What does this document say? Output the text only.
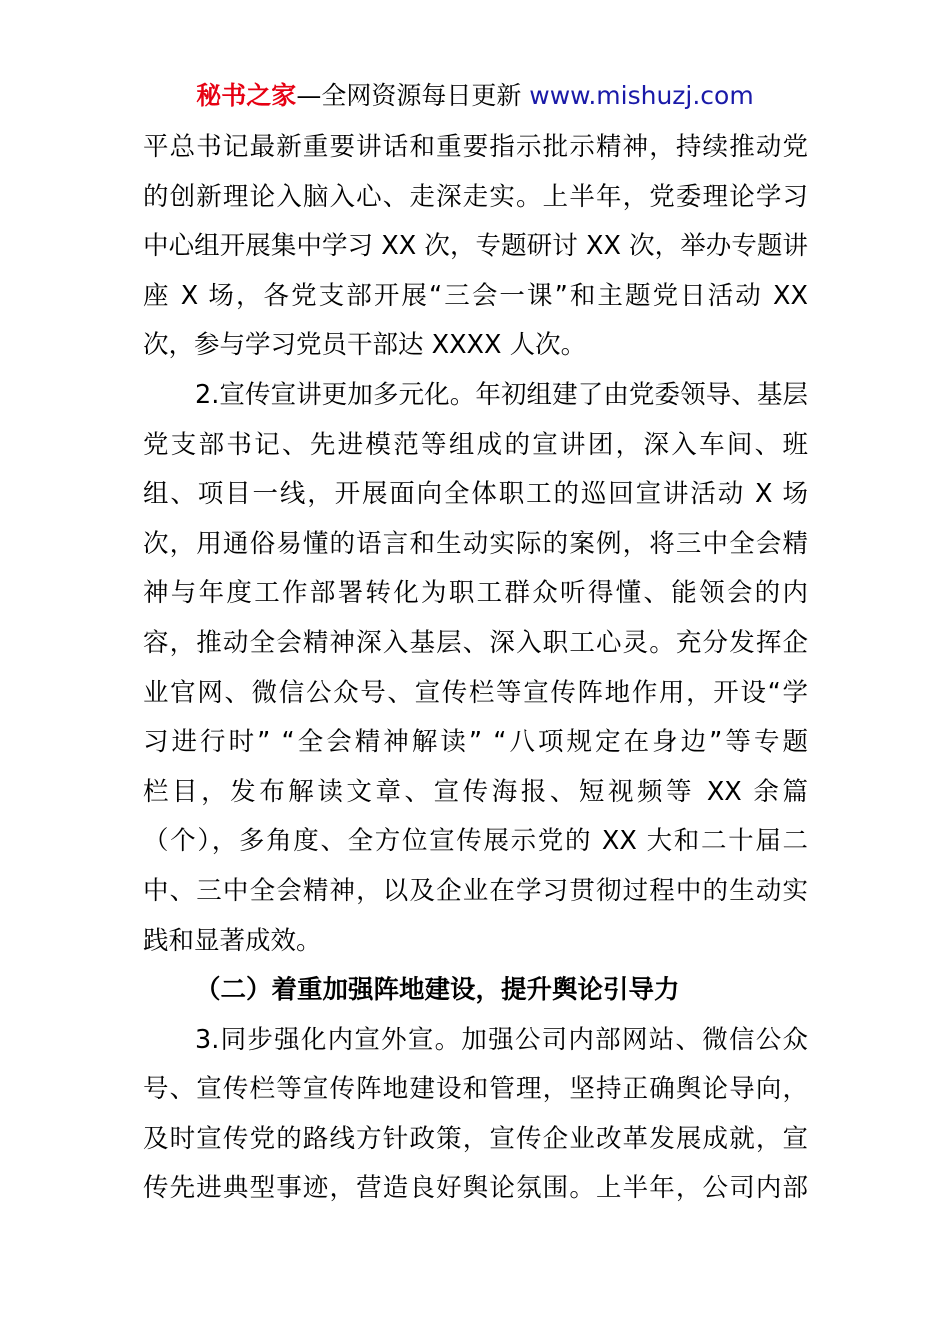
秘书之家—全网资源每日更新 www.mishuzj.com
平总书记最新重要讲话和重要指示批示精神，持续推动党
的创新理论入脑入心、走深走实。上半年，党委理论学习
中心组开展集中学习 XX 次，专题研讨 XX 次，举办专题讲
座 X 场，各党支部开展“三会一课”和主题党日活动 XX
次，参与学习党员干部达 XXXX 人次。
2.宣传宣讲更加多元化。年初组建了由党委领导、基层
党支部书记、先进模范等组成的宣讲团，深入车间、班
组、项目一线，开展面向全体职工的巡回宣讲活动 X 场
次，用通俗易懂的语言和生动实际的案例，将三中全会精
神与年度工作部署转化为职工群众听得懂、能领会的内
容，推动全会精神深入基层、深入职工心灵。充分发挥企
业官网、微信公众号、宣传栏等宣传阵地作用，开设“学
习进行时” “全会精神解读” “八项规定在身边”等专题
栏目，发布解读文章、宣传海报、短视频等 XX 余篇
（个），多角度、全方位宣传展示党的 XX 大和二十届二
中、三中全会精神，以及企业在学习贯彻过程中的生动实
践和显著成效。
（二）着重加强阵地建设，提升舆论引导力
3.同步强化内宣外宣。加强公司内部网站、微信公众
号、宣传栏等宣传阵地建设和管理，坚持正确舆论导向，
及时宣传党的路线方针政策，宣传企业改革发展成就，宣
传先进典型事迹，营造良好舆论氛围。上半年，公司内部
